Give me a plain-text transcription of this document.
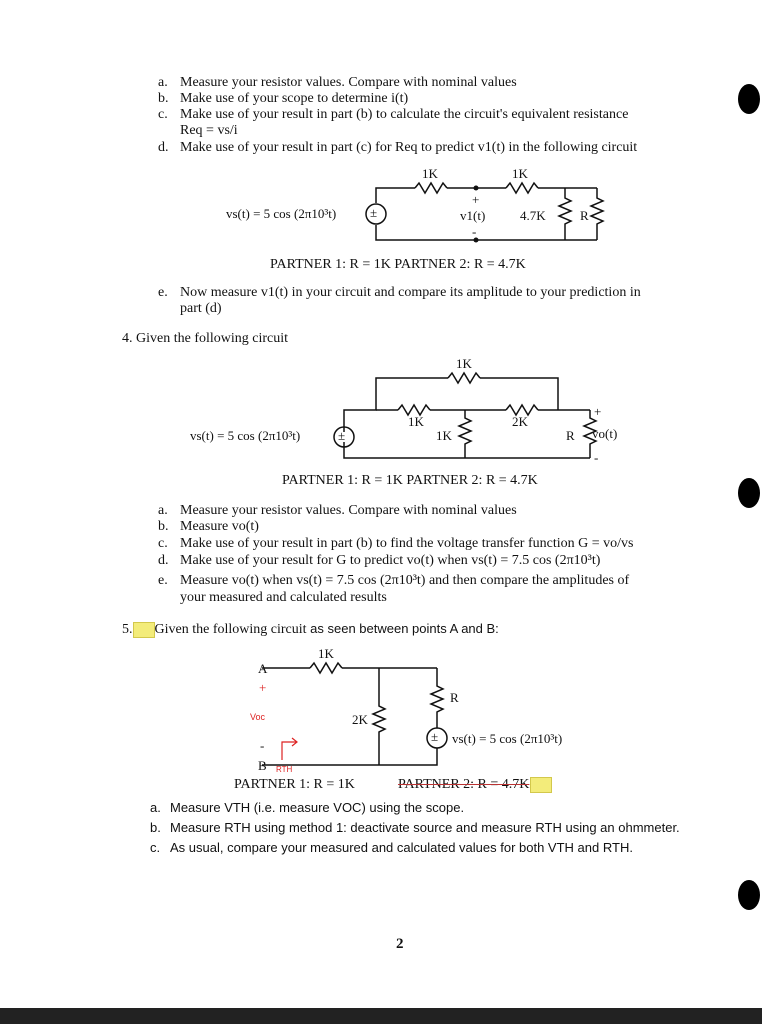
a. Measure your resistor values. Compare with nominal values
b. Make use of your scope to determine i(t)
c. Make use of your result in part (b) to calculate the circuit's equivalent resistance
Req = vs/i
d. Make use of your result in part (c) for Req to predict v1(t) in the following circuit
1K	1K
+
v1(t)
-
4.7K	R
vs(t) = 5 cos (2π10³t)	±
PARTNER 1: R = 1K PARTNER 2: R = 4.7K
e. Now measure v1(t) in your circuit and compare its amplitude to your prediction in
part (d)
4. Given the following circuit
1K
1K	2K
1K	R
+
vo(t)
-
vs(t) = 5 cos (2π10³t)	±
PARTNER 1: R = 1K PARTNER 2: R = 4.7K
a. Measure your resistor values. Compare with nominal values
b. Measure vo(t)
c. Make use of your result in part (b) to find the voltage transfer function G = vo/vs
d. Make use of your result for G to predict vo(t) when vs(t) = 7.5 cos (2π10³t)
e. Measure vo(t) when vs(t) = 7.5 cos (2π10³t) and then compare the amplitudes of
your measured and calculated results
5. Given the following circuit as seen between points A and B:
1K
A
+
Voc	2K
R
vs(t) = 5 cos (2π10³t)
±
-
B RTH
PARTNER 1: R = 1K	PARTNER 2: R = 4.7K
a. Measure VTH (i.e. measure VOC) using the scope.
b. Measure RTH using method 1: deactivate source and measure RTH using an ohmmeter.
c. As usual, compare your measured and calculated values for both VTH and RTH.
2
